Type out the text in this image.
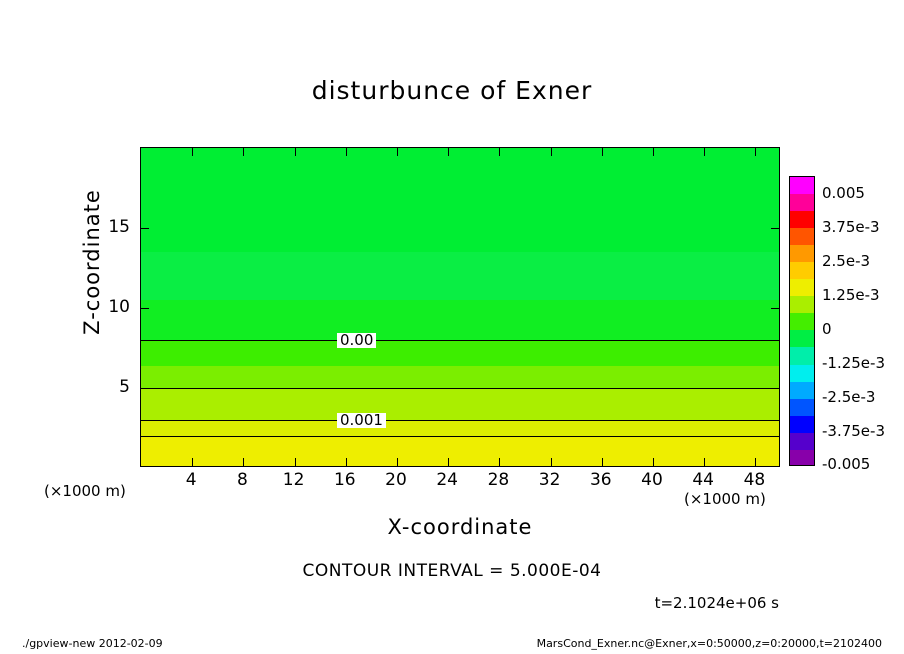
disturbunce of Exner
0.00
0.001
4 8 12 16 20 24 28 32 36 40 44 48
5
10
15
Z-coordinate
X-coordinate
(×1000 m)	(×1000 m)
0.005
3.75e-3
2.5e-3
1.25e-3
0
-1.25e-3
-2.5e-3
-3.75e-3
-0.005
CONTOUR INTERVAL = 5.000E-04
t=2.1024e+06 s
./gpview-new 2012-02-09	MarsCond_Exner.nc@Exner,x=0:50000,z=0:20000,t=2102400
